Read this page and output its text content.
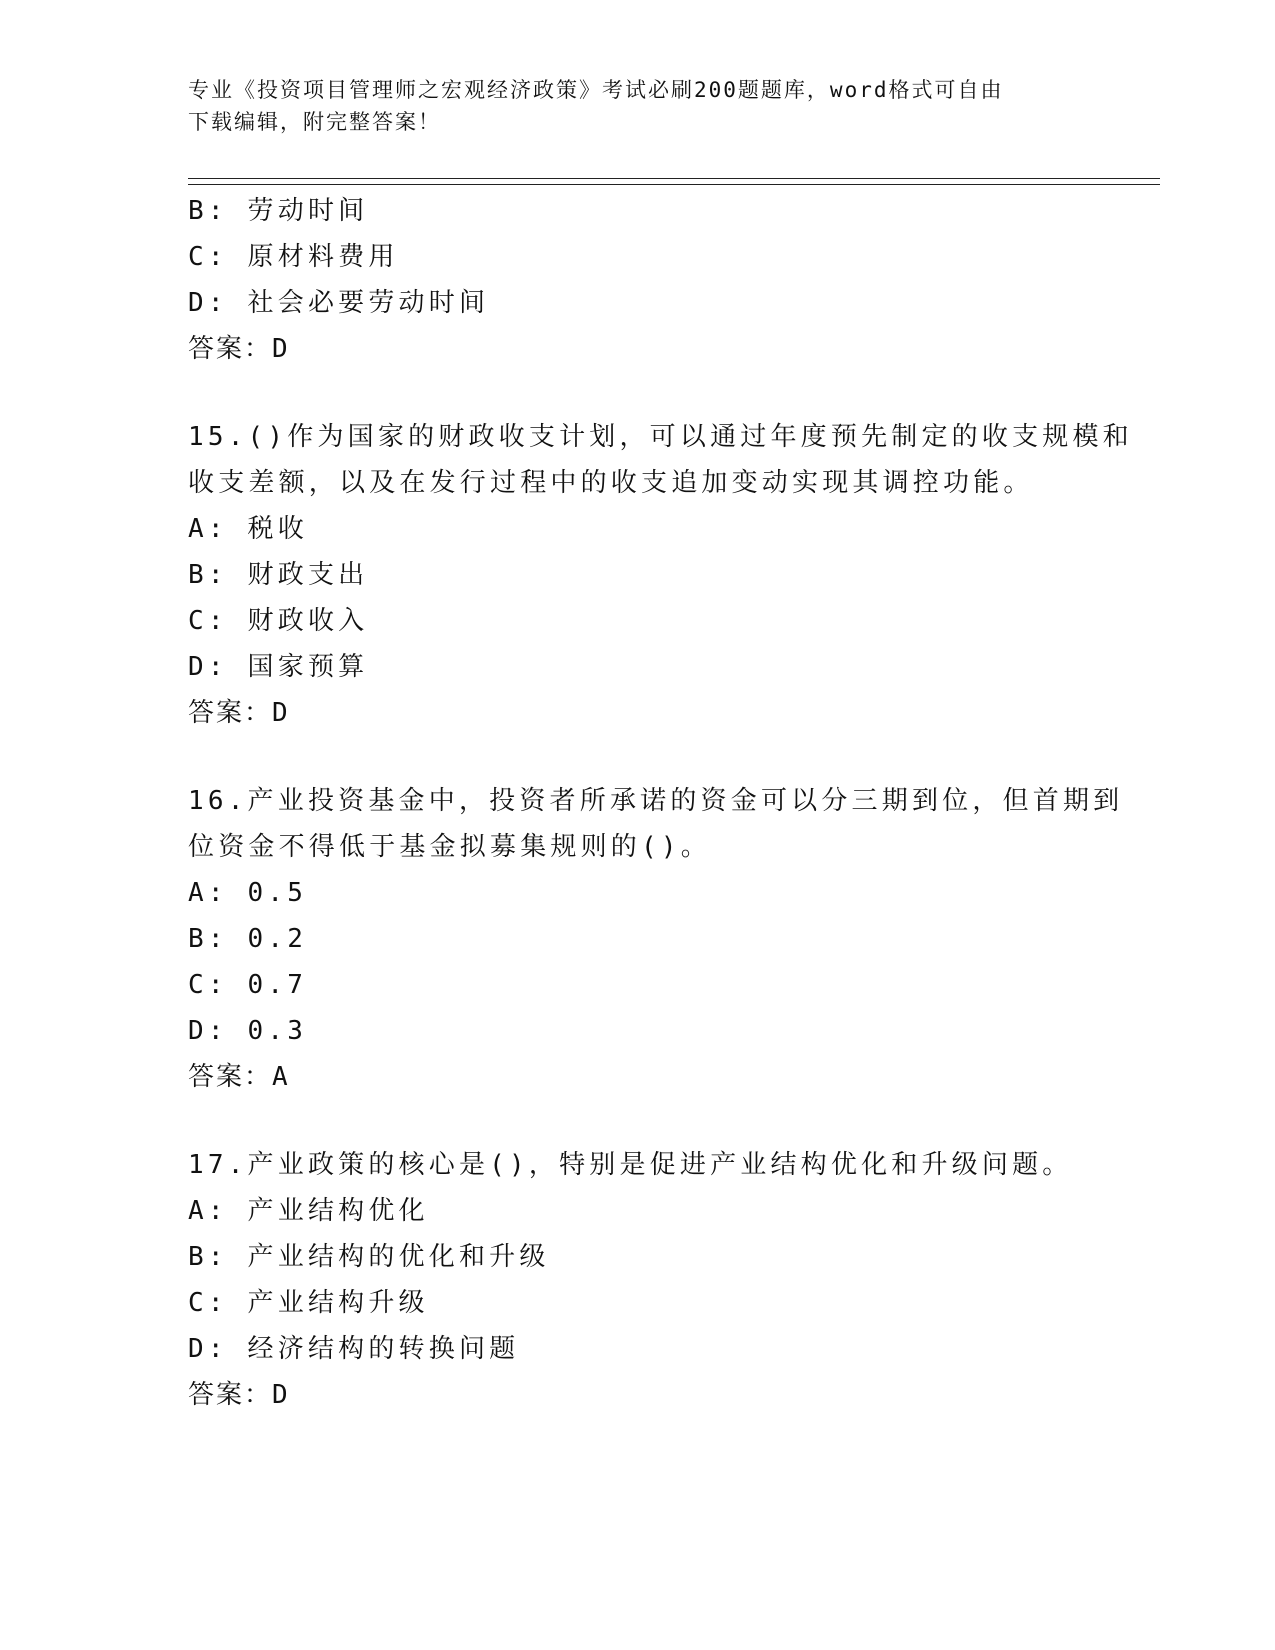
专业《投资项目管理师之宏观经济政策》考试必刷200题题库，word格式可自由
下载编辑，附完整答案！
B: 劳动时间
C: 原材料费用
D: 社会必要劳动时间
答案：D
15.()作为国家的财政收支计划，可以通过年度预先制定的收支规模和
收支差额，以及在发行过程中的收支追加变动实现其调控功能。
A: 税收
B: 财政支出
C: 财政收入
D: 国家预算
答案：D
16.产业投资基金中，投资者所承诺的资金可以分三期到位，但首期到
位资金不得低于基金拟募集规则的()。
A: 0.5
B: 0.2
C: 0.7
D: 0.3
答案：A
17.产业政策的核心是()，特别是促进产业结构优化和升级问题。
A: 产业结构优化
B: 产业结构的优化和升级
C: 产业结构升级
D: 经济结构的转换问题
答案：D
